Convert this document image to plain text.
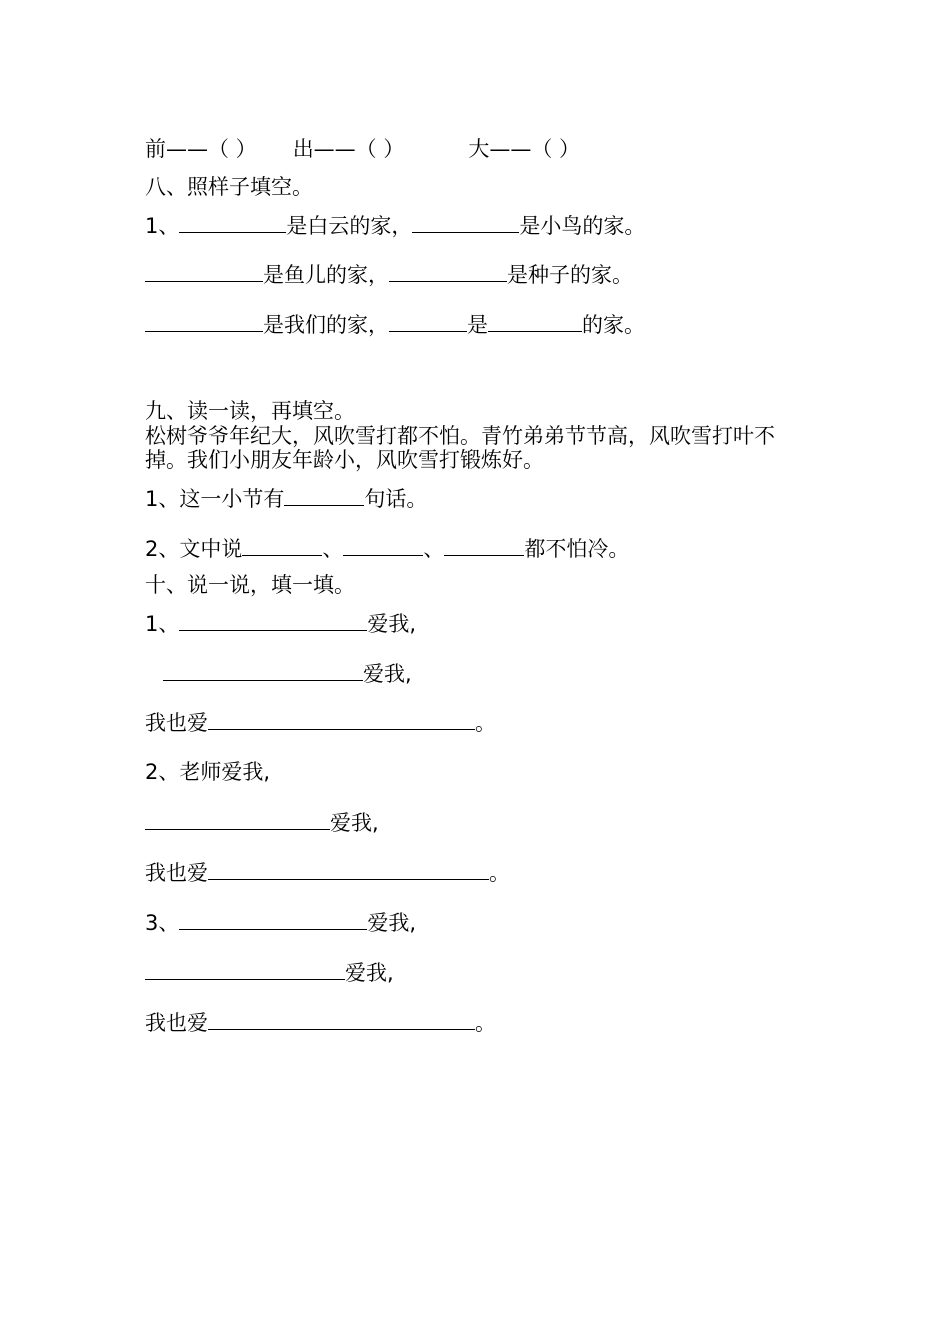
前——（ ） 出——（ ）	大——（ ）
八、照样子填空。
1、	是白云的家，	是小鸟的家。
是鱼儿的家，	是种子的家。
是我们的家，	是	的家。
九、读一读，再填空。
松树爷爷年纪大，风吹雪打都不怕。青竹弟弟节节高，风吹雪打叶不掉。我们小朋友年龄小，风吹雪打锻炼好。
1、这一小节有	句话。
2、文中说	、	、	都不怕冷。
十、说一说，填一填。
1、	爱我,
爱我,
我也爱	。
2、老师爱我,
爱我,
我也爱	。
3、	爱我,
爱我,
我也爱	。
